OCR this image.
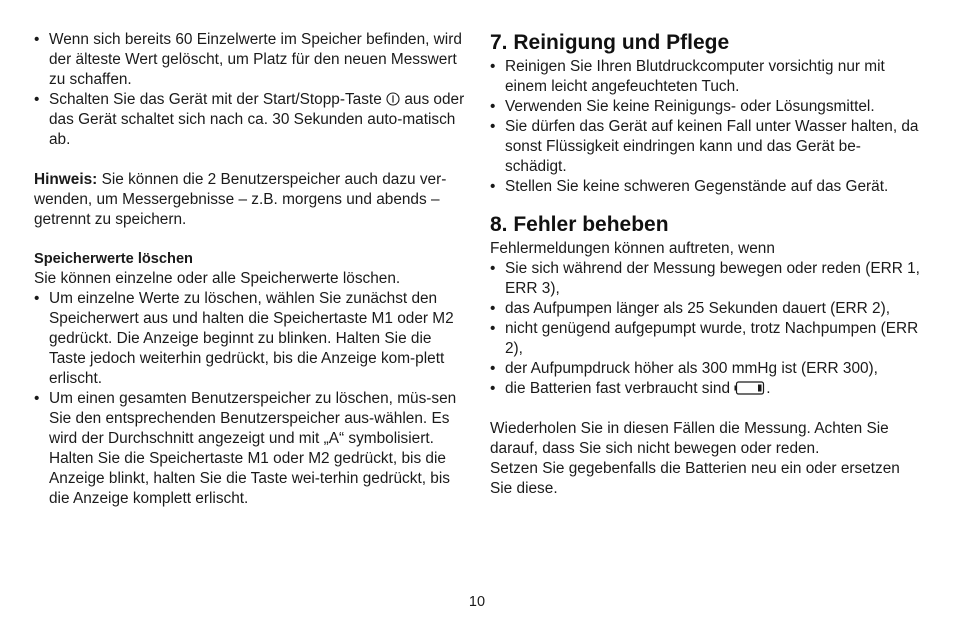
• Wenn sich bereits 60 Einzelwerte im Speicher befinden, wird der älteste Wert gelöscht, um Platz für den neuen Messwert zu schaffen.
• Schalten Sie das Gerät mit der Start/Stopp-Taste  aus oder das Gerät schaltet sich nach ca. 30 Sekunden auto-matisch ab.

Hinweis: Sie können die 2 Benutzerspeicher auch dazu ver-wenden, um Messergebnisse – z.B. morgens und abends – getrennt zu speichern.

Speicherwerte löschen

Sie können einzelne oder alle Speicherwerte löschen.

• Um einzelne Werte zu löschen, wählen Sie zunächst den Speicherwert aus und halten die Speichertaste M1 oder M2 gedrückt. Die Anzeige beginnt zu blinken. Halten Sie die Taste jedoch weiterhin gedrückt, bis die Anzeige kom-plett erlischt.
• Um einen gesamten Benutzerspeicher zu löschen, müs-sen Sie den entsprechenden Benutzerspeicher aus-wählen. Es wird der Durchschnitt angezeigt und mit „A“ symbolisiert. Halten Sie die Speichertaste M1 oder M2 gedrückt, bis die Anzeige blinkt, halten Sie die Taste wei-terhin gedrückt, bis die Anzeige komplett erlischt.
7. Reinigung und Pflege
• Reinigen Sie Ihren Blutdruckcomputer vorsichtig nur mit einem leicht angefeuchteten Tuch.
• Verwenden Sie keine Reinigungs- oder Lösungsmittel.
• Sie dürfen das Gerät auf keinen Fall unter Wasser halten, da sonst Flüssigkeit eindringen kann und das Gerät be-schädigt.
• Stellen Sie keine schweren Gegenstände auf das Gerät.
8. Fehler beheben

Fehlermeldungen können auftreten, wenn

• Sie sich während der Messung bewegen oder reden (ERR 1, ERR 3),
• das Aufpumpen länger als 25 Sekunden dauert (ERR 2),
• nicht genügend aufgepumpt wurde, trotz Nachpumpen (ERR 2),
• der Aufpumpdruck höher als 300 mmHg ist (ERR 300),
• die Batterien fast verbraucht sind .

Wiederholen Sie in diesen Fällen die Messung. Achten Sie darauf, dass Sie sich nicht bewegen oder reden.

Setzen Sie gegebenfalls die Batterien neu ein oder ersetzen Sie diese.

10
